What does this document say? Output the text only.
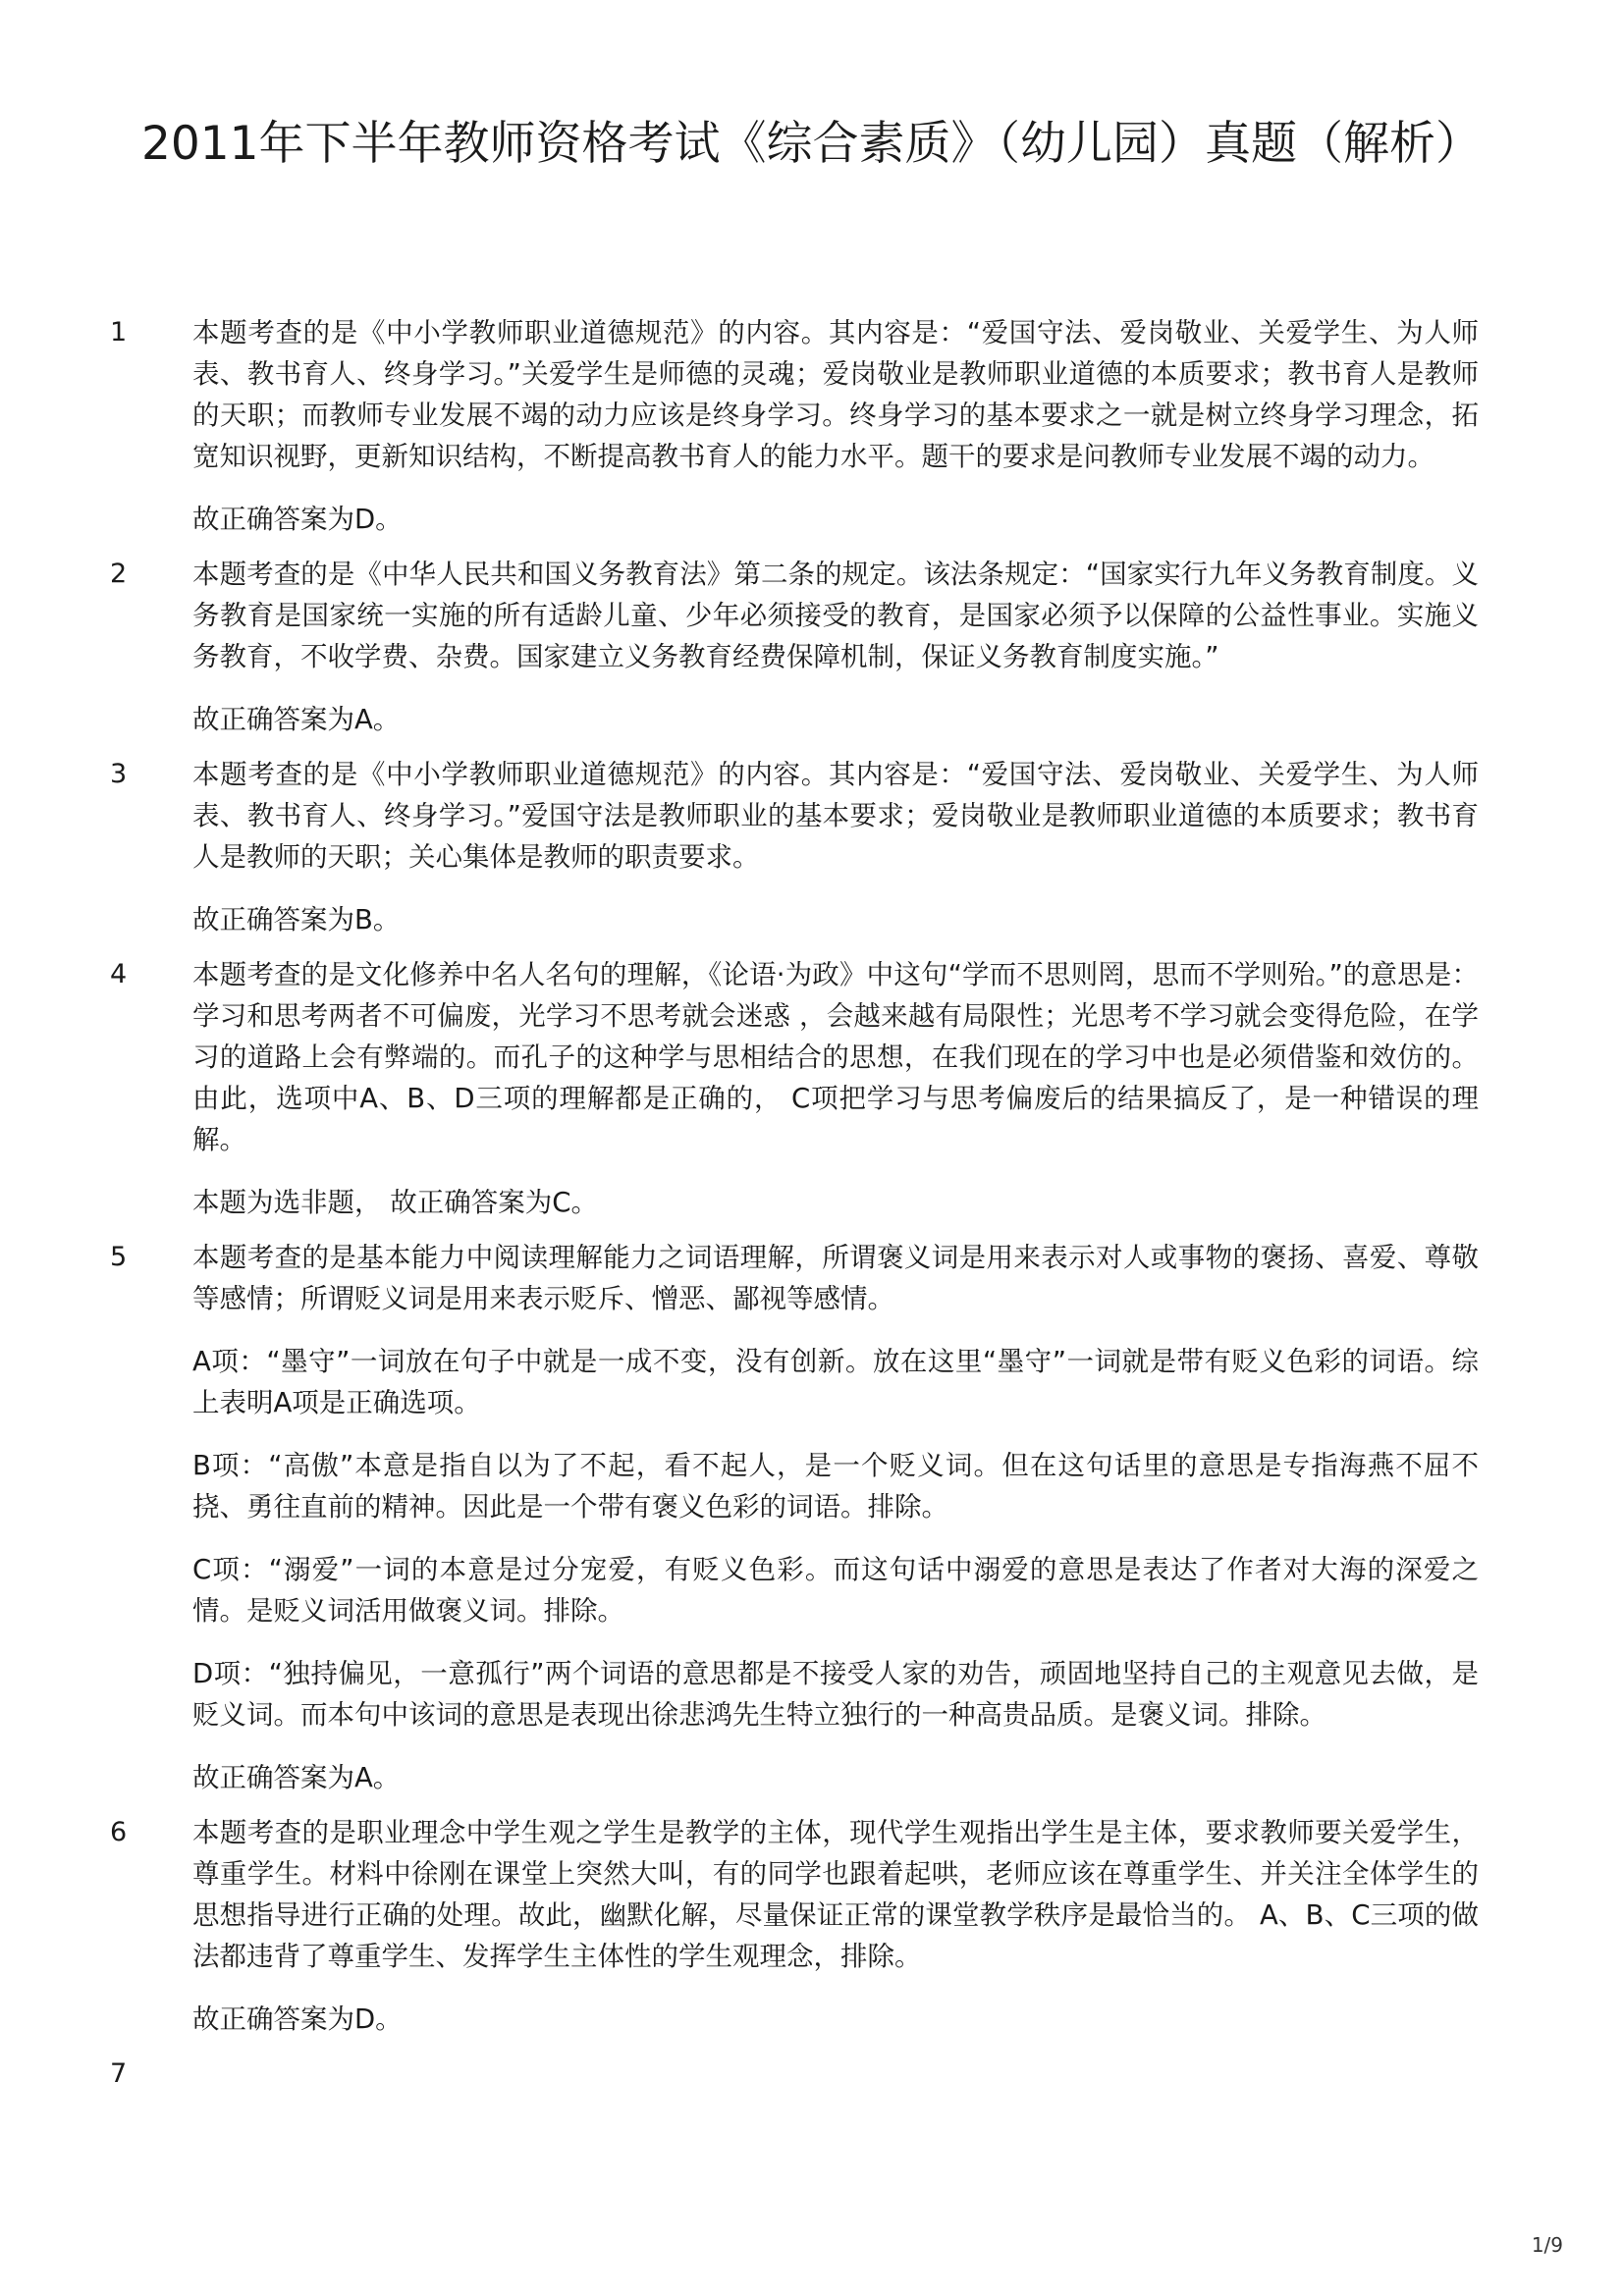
2011年下半年教师资格考试《综合素质》（幼儿园）真题（解析）
1 本题考查的是《中小学教师职业道德规范》的内容。其内容是：“爱国守法、爱岗敬业、关爱学生、为人师表、教书育人、终身学习。”关爱学生是师德的灵魂；爱岗敬业是教师职业道德的本质要求；教书育人是教师的天职；而教师专业发展不竭的动力应该是终身学习。终身学习的基本要求之一就是树立终身学习理念，拓宽知识视野，更新知识结构，不断提高教书育人的能力水平。题干的要求是问教师专业发展不竭的动力。

故正确答案为D。

2 本题考查的是《中华人民共和国义务教育法》第二条的规定。该法条规定：“国家实行九年义务教育制度。义务教育是国家统一实施的所有适龄儿童、少年必须接受的教育，是国家必须予以保障的公益性事业。实施义务教育，不收学费、杂费。国家建立义务教育经费保障机制，保证义务教育制度实施。”

故正确答案为A。

3 本题考查的是《中小学教师职业道德规范》的内容。其内容是：“爱国守法、爱岗敬业、关爱学生、为人师表、教书育人、终身学习。”爱国守法是教师职业的基本要求；爱岗敬业是教师职业道德的本质要求；教书育人是教师的天职；关心集体是教师的职责要求。

故正确答案为B。

4 本题考查的是文化修养中名人名句的理解，《论语·为政》中这句“学而不思则罔，思而不学则殆。”的意思是：学习和思考两者不可偏废，光学习不思考就会迷惑 ，会越来越有局限性；光思考不学习就会变得危险，在学习的道路上会有弊端的。而孔子的这种学与思相结合的思想，在我们现在的学习中也是必须借鉴和效仿的。由此，选项中A、B、D三项的理解都是正确的， C项把学习与思考偏废后的结果搞反了，是一种错误的理解。

本题为选非题， 故正确答案为C。

5 本题考查的是基本能力中阅读理解能力之词语理解，所谓褒义词是用来表示对人或事物的褒扬、喜爱、尊敬等感情；所谓贬义词是用来表示贬斥、憎恶、鄙视等感情。

A项：“墨守”一词放在句子中就是一成不变，没有创新。放在这里“墨守”一词就是带有贬义色彩的词语。综上表明A项是正确选项。

B项：“高傲”本意是指自以为了不起，看不起人，是一个贬义词。但在这句话里的意思是专指海燕不屈不挠、勇往直前的精神。因此是一个带有褒义色彩的词语。排除。

C项：“溺爱”一词的本意是过分宠爱，有贬义色彩。而这句话中溺爱的意思是表达了作者对大海的深爱之情。是贬义词活用做褒义词。排除。

D项：“独持偏见，一意孤行”两个词语的意思都是不接受人家的劝告，顽固地坚持自己的主观意见去做，是贬义词。而本句中该词的意思是表现出徐悲鸿先生特立独行的一种高贵品质。是褒义词。排除。

故正确答案为A。

6 本题考查的是职业理念中学生观之学生是教学的主体，现代学生观指出学生是主体，要求教师要关爱学生，尊重学生。材料中徐刚在课堂上突然大叫，有的同学也跟着起哄，老师应该在尊重学生、并关注全体学生的思想指导进行正确的处理。故此，幽默化解，尽量保证正常的课堂教学秩序是最恰当的。 A、B、C三项的做法都违背了尊重学生、发挥学生主体性的学生观理念，排除。

故正确答案为D。

7
1/9
